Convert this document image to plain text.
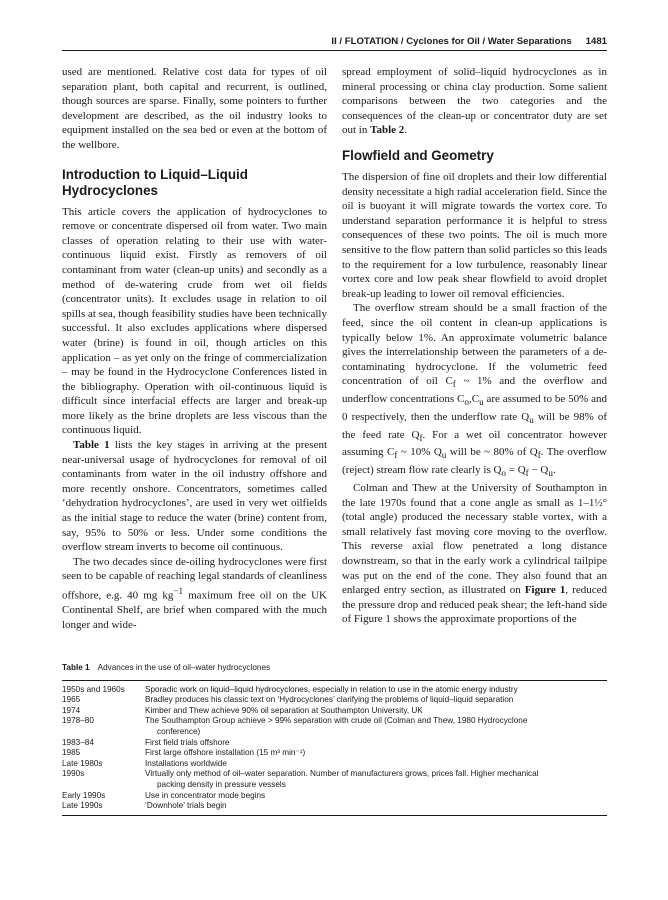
II / FLOTATION / Cyclones for Oil / Water Separations 1481

used are mentioned. Relative cost data for types of oil separation plant, both capital and recurrent, is outlined, though sources are sparse. Finally, some pointers to further development are described, as the oil industry looks to equipment installed on the sea bed or even at the bottom of the wellbore.

Introduction to Liquid–Liquid Hydrocyclones

This article covers the application of hydrocyclones to remove or concentrate dispersed oil from water. Two main classes of operation relating to their use with water-continuous liquid exist. Firstly as removers of oil contaminant from water (clean-up units) and secondly as a method of de-watering crude from wet oil fields (concentrator units). It excludes usage in relation to oil spills at sea, though feasibility studies have been technically successful. It also excludes applications where dispersed water (brine) is found in oil, though articles on this application – as yet only on the fringe of commercialization – may be found in the Hydrocyclone Conferences listed in the bibliography. Operation with oil-continuous liquid is difficult since interfacial effects are larger and break-up more likely as the brine droplets are less viscous than the continuous liquid.

Table 1 lists the key stages in arriving at the present near-universal usage of hydrocyclones for removal of oil contaminants from water in the oil industry offshore and more recently onshore. Concentrators, sometimes called ‘dehydration hydrocyclones’, are used in very wet oilfields as the initial stage to reduce the water (brine) content from, say, 95% to 50% or less. Under some conditions the overflow stream inverts to become oil continuous.

The two decades since de-oiling hydrocyclones were first seen to be capable of reaching legal standards of cleanliness offshore, e.g. 40 mg $kg^{-1}$ maximum free oil on the UK Continental Shelf, are brief when compared with the much longer and wide-

spread employment of solid–liquid hydrocyclones as in mineral processing or china clay production. Some salient comparisons between the two categories and the consequences of the clean-up or concentrator duty are set out in Table 2.

Flowfield and Geometry

The dispersion of fine oil droplets and their low differential density necessitate a high radial acceleration field. Since the oil is buoyant it will migrate towards the vortex core. To understand separation performance it is helpful to stress consequences of these two points. The oil is much more sensitive to the flow pattern than solid particles so this leads to the requirement for a low turbulence, reasonably linear vortex core and low peak shear flowfield to avoid droplet break-up leading to lower oil removal efficiencies.

The overflow stream should be a small fraction of the feed, since the oil content in clean-up applications is typically below 1%. An approximate volumetric balance gives the interrelationship between the parameters of a de-contaminating hydrocyclone. If the volumetric feed concentration of oil $C_f$ ~ 1% and the overflow and underflow concentrations $C_o,C_u$ are assumed to be 50% and 0 respectively, then the underflow rate $Q_u$ will be 98% of the feed rate $Q_f$. For a wet oil concentrator however assuming $C_f$ ~ 10% $Q_u$ will be ~ 80% of $Q_f$. The overflow (reject) stream flow rate clearly is $Q_o = Q_f - Q_u$.

Colman and Thew at the University of Southampton in the late 1970s found that a cone angle as small as 1–1½° (total angle) produced the necessary stable vortex, with a small relatively fast moving core moving to the overflow. This reverse axial flow penetrated a long distance downstream, so that in the early work a cylindrical tailpipe was put on the end of the cone. They also found that an enlarged entry section, as illustrated on Figure 1, reduced the pressure drop and reduced peak shear; the left-hand side of Figure 1 shows the approximate proportions of the

Table 1 Advances in the use of oil–water hydrocyclones
1950s and 1960s	Sporadic work on liquid–liquid hydrocyclones, especially in relation to use in the atomic energy industry
1965	Bradley produces his classic text on ‘Hydrocyclones’ clarifying the problems of liquid–liquid separation
1974	Kimber and Thew achieve 90% oil separation at Southampton University, UK
1978–80	The Southampton Group achieve > 99% separation with crude oil (Colman and Thew, 1980 Hydrocyclone
conference)
1983–84	First field trials offshore
1985	First large offshore installation (15 m³ min⁻¹)
Late 1980s	Installations worldwide
1990s	Virtually only method of oil–water separation. Number of manufacturers grows, prices fall. Higher mechanical
packing density in pressure vessels
Early 1990s	Use in concentrator mode begins
Late 1990s	‘Downhole’ trials begin
